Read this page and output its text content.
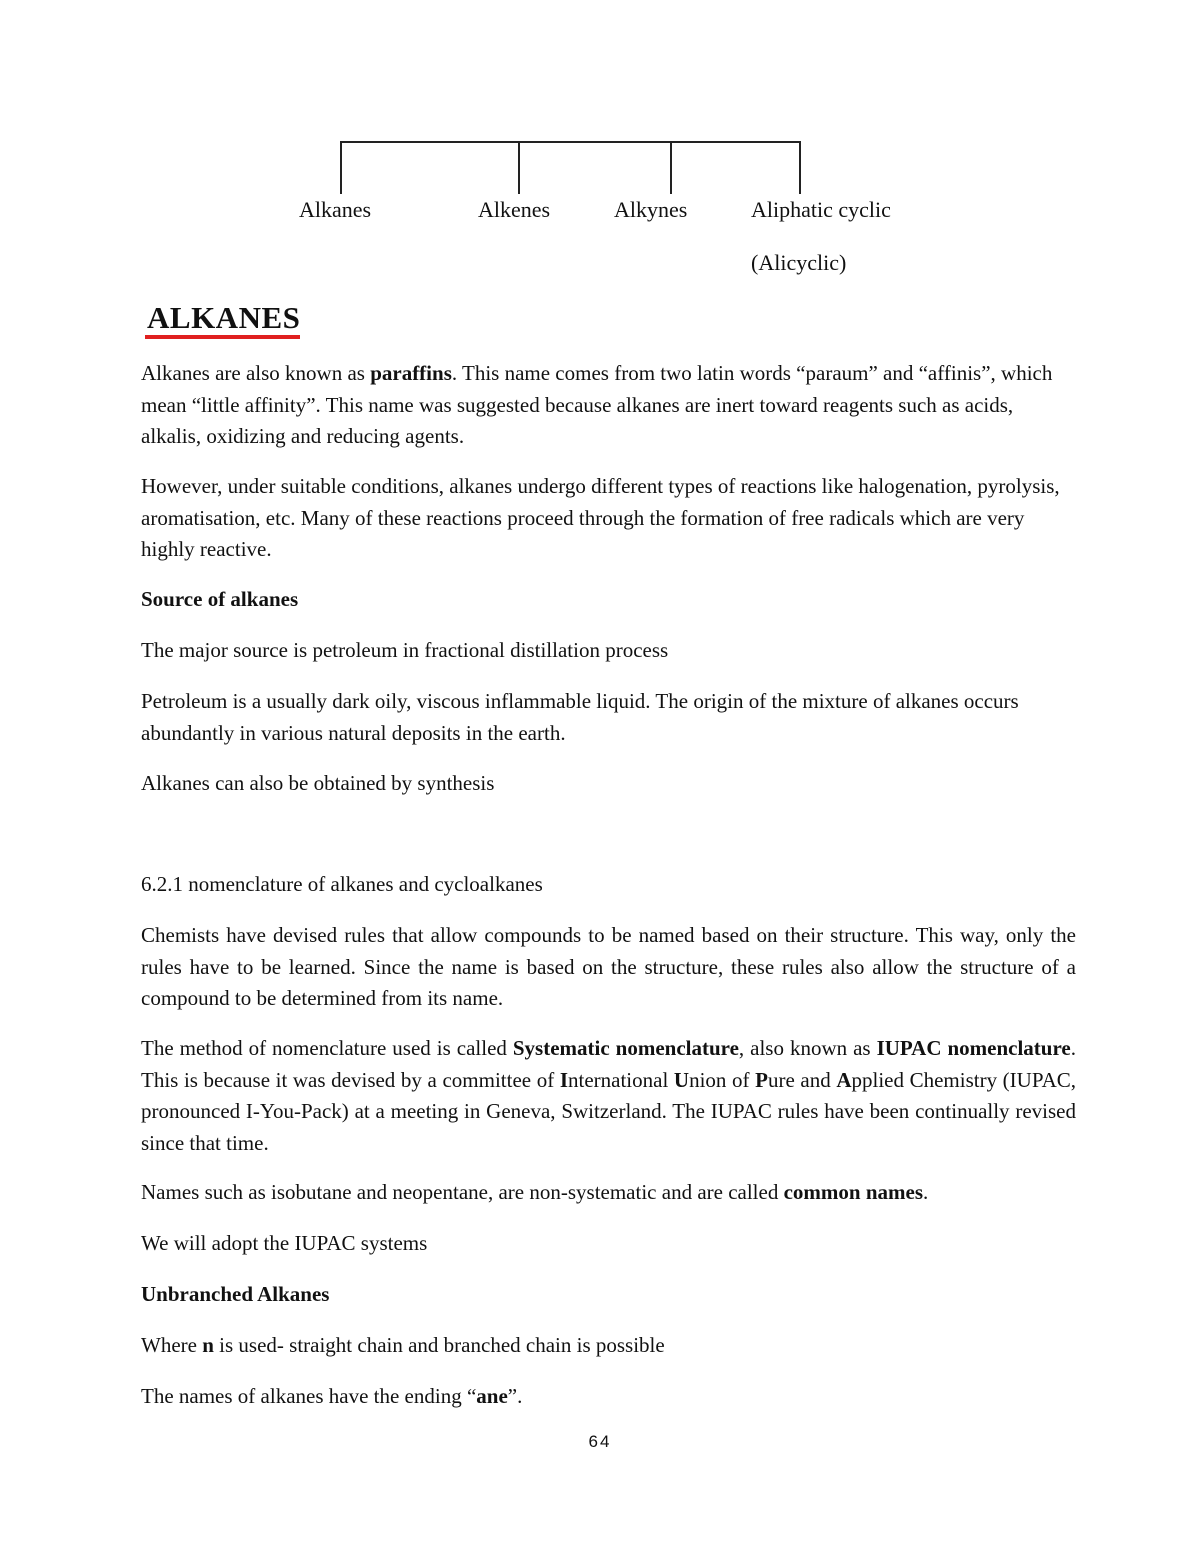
Alkanes	Alkenes	Alkynes	Aliphatic cyclic
(Alicyclic)
ALKANES

Alkanes are also known as paraffins. This name comes from two latin words “paraum” and “affinis”, which mean “little affinity”. This name was suggested because alkanes are inert toward reagents such as acids, alkalis, oxidizing and reducing agents.

However, under suitable conditions, alkanes undergo different types of reactions like halogenation, pyrolysis, aromatisation, etc. Many of these reactions proceed through the formation of free radicals which are very highly reactive.

Source of alkanes

The major source is petroleum in fractional distillation process

Petroleum is a usually dark oily, viscous inflammable liquid. The origin of the mixture of alkanes occurs abundantly in various natural deposits in the earth.

Alkanes can also be obtained by synthesis

6.2.1 nomenclature of alkanes and cycloalkanes

Chemists have devised rules that allow compounds to be named based on their structure. This way, only the rules have to be learned. Since the name is based on the structure, these rules also allow the structure of a compound to be determined from its name.

The method of nomenclature used is called Systematic nomenclature, also known as IUPAC nomenclature. This is because it was devised by a committee of International Union of Pure and Applied Chemistry (IUPAC, pronounced I-You-Pack) at a meeting in Geneva, Switzerland. The IUPAC rules have been continually revised since that time.

Names such as isobutane and neopentane, are non-systematic and are called common names.

We will adopt the IUPAC systems

Unbranched Alkanes

Where n is used- straight chain and branched chain is possible

The names of alkanes have the ending “ane”.

64
